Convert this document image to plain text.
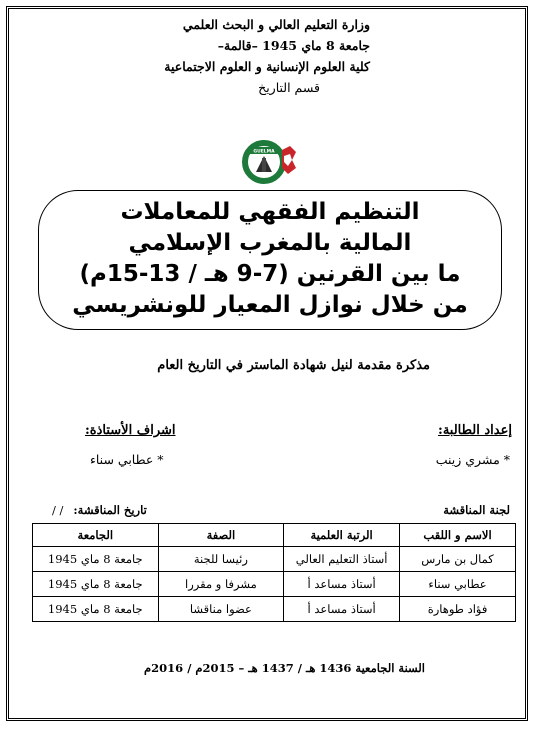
وزارة التعليم العالي و البحث العلمي
جامعة 8 ماي 1945 –قالمة–
كلية العلوم الإنسانية و العلوم الاجتماعية
قسم التاريخ
GUELMA
التنظيم الفقهي للمعاملات
المالية بالمغرب الإسلامي
ما بين القرنين (7-9 هـ / 13-15م)
من خلال نوازل المعيار للونشريسي
مذكرة مقدمة لنيل شهادة الماستر في التاريخ العام
إعداد الطالبة:
اشراف الأستاذة:
* مشري زينب
* عطابي سناء
لجنة المناقشة
تاريخ المناقشة: / /
الاسم و اللقب	الرتبة العلمية	الصفة	الجامعة
كمال بن مارس	أستاذ التعليم العالي	رئيسا للجنة	جامعة 8 ماي 1945
عطابي سناء	أستاذ مساعد أ	مشرفا و مقررا	جامعة 8 ماي 1945
فؤاد طوهارة	أستاذ مساعد أ	عضوا مناقشا	جامعة 8 ماي 1945
السنة الجامعية 1436 هـ / 1437 هـ – 2015م / 2016م
